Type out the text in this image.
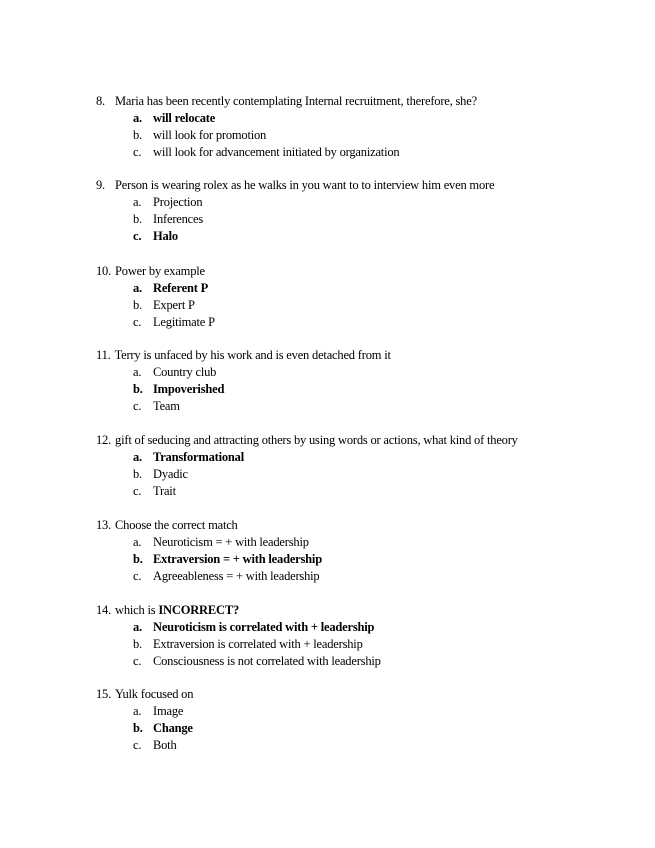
8. Maria has been recently contemplating Internal recruitment, therefore, she?
a. will relocate
b. will look for promotion
c. will look for advancement initiated by organization
9. Person is wearing rolex as he walks in you want to to interview him even more
a. Projection
b. Inferences
c. Halo
10. Power by example
a. Referent P
b. Expert P
c. Legitimate P
11. Terry is unfaced by his work and is even detached from it
a. Country club
b. Impoverished
c. Team
12. gift of seducing and attracting others by using words or actions, what kind of theory
a. Transformational
b. Dyadic
c. Trait
13. Choose the correct match
a. Neuroticism = + with leadership
b. Extraversion = + with leadership
c. Agreeableness = + with leadership
14. which is INCORRECT?
a. Neuroticism is correlated with + leadership
b. Extraversion is correlated with + leadership
c. Consciousness is not correlated with leadership
15. Yulk focused on
a. Image
b. Change
c. Both
